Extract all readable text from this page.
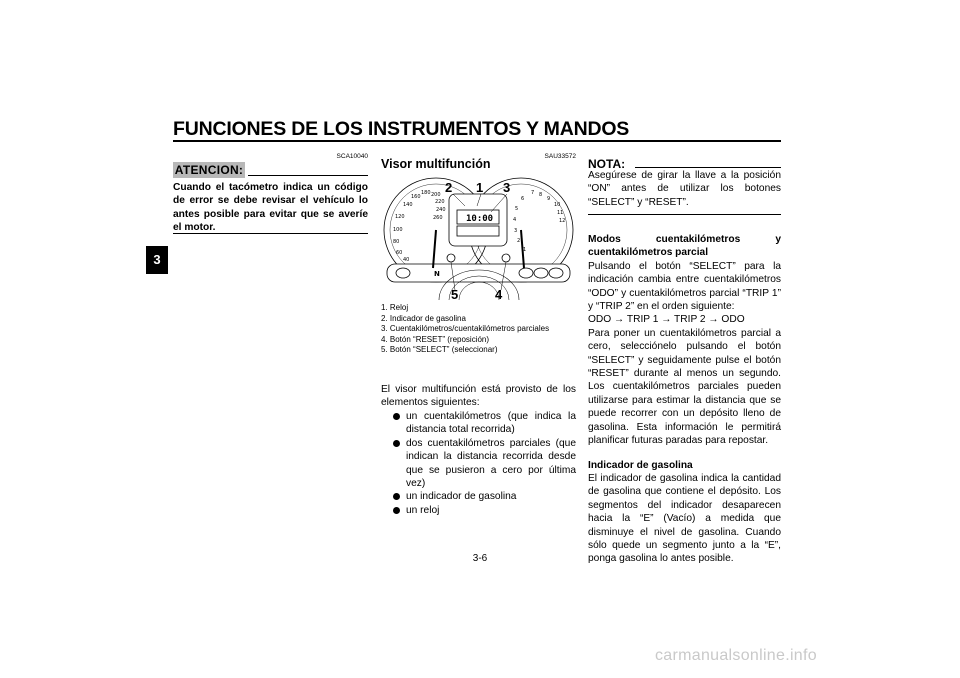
FUNCIONES DE LOS INSTRUMENTOS Y MANDOS
3
SCA10040
ATENCION:
Cuando el tacómetro indica un código de error se debe revisar el vehículo lo antes posible para evitar que se averíe el motor.
SAU33572
Visor multifunción
140
120
100
80
60
40
160
180 200
220
240
260
7 8
9
10
11
12
6
5
4
3
2
1
10:00
N
2 1 3
5	4
1. Reloj
2. Indicador de gasolina
3. Cuentakilómetros/cuentakilómetros parciales
4. Botón “RESET” (reposición)
5. Botón “SELECT” (seleccionar)
El visor multifunción está provisto de los elementos siguientes:
un cuentakilómetros (que indica la distancia total recorrida)
dos cuentakilómetros parciales (que indican la distancia recorrida desde que se pusieron a cero por última vez)
un indicador de gasolina
un reloj
NOTA:
Asegúrese de girar la llave a la posición “ON” antes de utilizar los botones “SELECT” y “RESET”.

Modos cuentakilómetros y cuentakilómetros parcial

Pulsando el botón “SELECT” para la indicación cambia entre cuentakilómetros “ODO” y cuentakilómetros parcial “TRIP 1” y “TRIP 2” en el orden siguiente:

ODO → TRIP 1 → TRIP 2 → ODO

Para poner un cuentakilómetros parcial a cero, selecciónelo pulsando el botón “SELECT” y seguidamente pulse el botón “RESET” durante al menos un segundo. Los cuentakilómetros parciales pueden utilizarse para estimar la distancia que se puede recorrer con un depósito lleno de gasolina. Esta información le permitirá planificar futuras paradas para repostar.

Indicador de gasolina

El indicador de gasolina indica la cantidad de gasolina que contiene el depósito. Los segmentos del indicador desaparecen hacia la “E” (Vacío) a medida que disminuye el nivel de gasolina. Cuando sólo quede un segmento junto a la “E”, ponga gasolina lo antes posible.

3-6
carmanualsonline.info
